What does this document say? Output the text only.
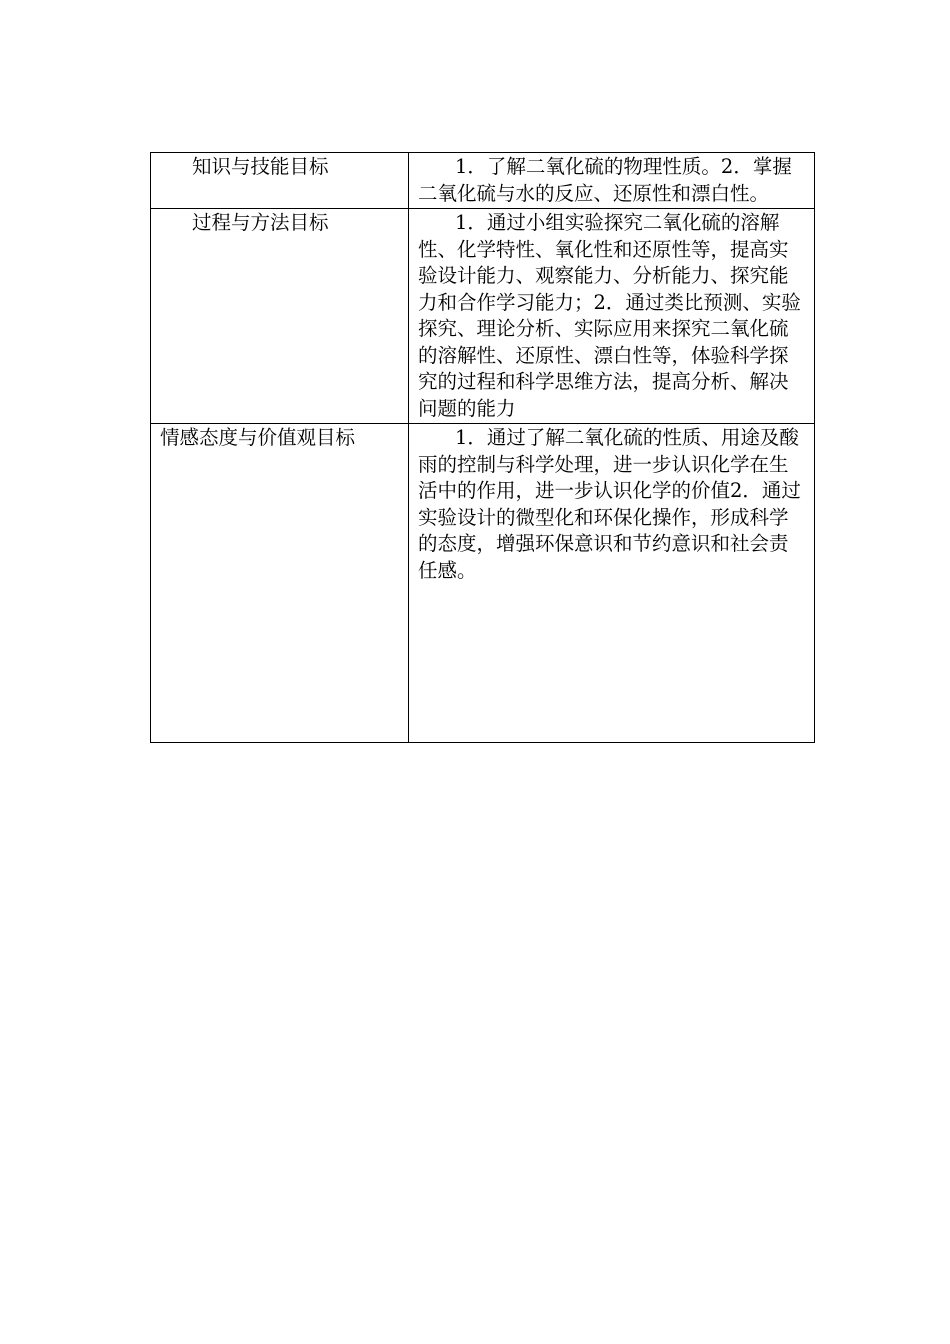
知识与技能目标	1．了解二氧化硫的物理性质。2．掌握二氧化硫与水的反应、还原性和漂白性。
过程与方法目标	1．通过小组实验探究二氧化硫的溶解性、化学特性、氧化性和还原性等，提高实验设计能力、观察能力、分析能力、探究能力和合作学习能力；2．通过类比预测、实验探究、理论分析、实际应用来探究二氧化硫的溶解性、还原性、漂白性等，体验科学探究的过程和科学思维方法，提高分析、解决问题的能力
情感态度与价值观目标	1．通过了解二氧化硫的性质、用途及酸雨的控制与科学处理，进一步认识化学在生活中的作用，进一步认识化学的价值2．通过实验设计的微型化和环保化操作，形成科学的态度，增强环保意识和节约意识和社会责任感。
